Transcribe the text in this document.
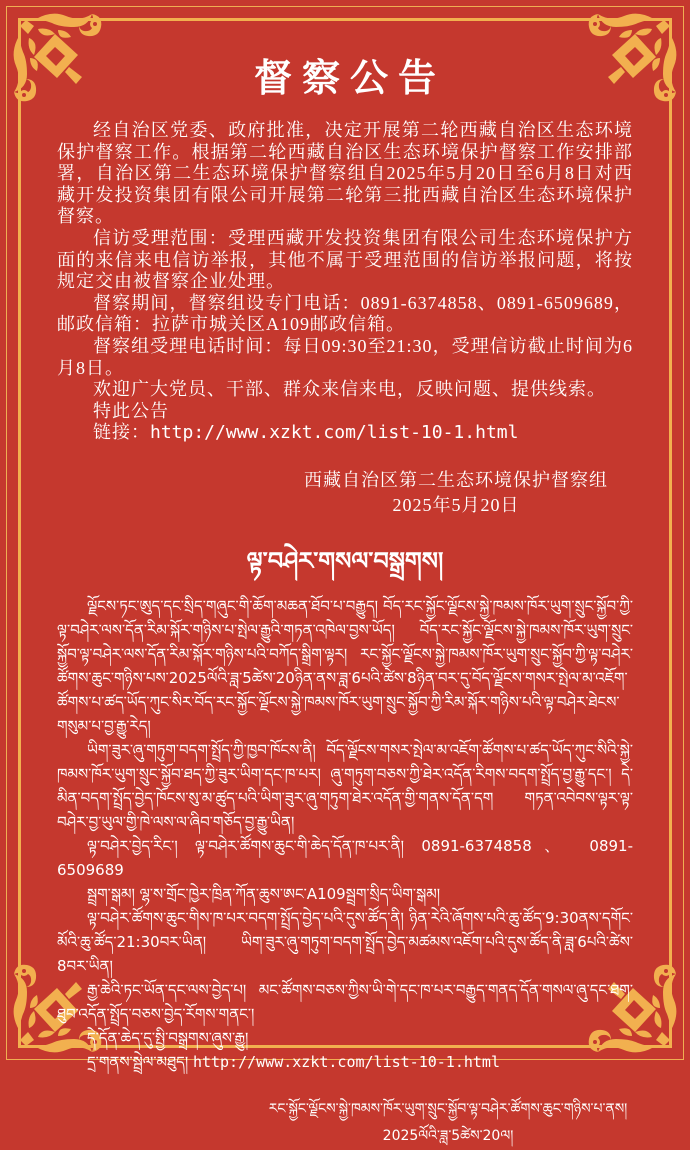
督察公告

经自治区党委、政府批准，决定开展第二轮西藏自治区生态环境保护督察工作。根据第二轮西藏自治区生态环境保护督察工作安排部署，自治区第二生态环境保护督察组自2025年5月20日至6月8日对西藏开发投资集团有限公司开展第二轮第三批西藏自治区生态环境保护督察。

信访受理范围：受理西藏开发投资集团有限公司生态环境保护方面的来信来电信访举报，其他不属于受理范围的信访举报问题，将按规定交由被督察企业处理。

督察期间，督察组设专门电话：0891-6374858、0891-6509689，邮政信箱：拉萨市城关区A109邮政信箱。

督察组受理电话时间：每日09:30至21:30，受理信访截止时间为6月8日。

欢迎广大党员、干部、群众来信来电，反映问题、提供线索。

特此公告

链接：http://www.xzkt.com/list-10-1.html

西藏自治区第二生态环境保护督察组
2025年5月20日
ལྟ་བཤེར་གསལ་བསྒྲགས།

ལྗོངས་ཏང་ཨུད་དང་སྲིད་གཞུང་གི་ཆོག་མཆན་ཐོབ་པ་བརྒྱུད། བོད་རང་སྐྱོང་ལྗོངས་སྐྱེ་ཁམས་ཁོར་ཡུག་སྲུང་སྐྱོབ་ཀྱི་ལྟ་བཤེར་ལས་དོན་རིམ་སྐོར་གཉིས་པ་སྤེལ་རྒྱུའི་གཏན་འཁེལ་བྱས་ཡོད། བོད་རང་སྐྱོང་ལྗོངས་སྐྱེ་ཁམས་ཁོར་ཡུག་སྲུང་སྐྱོབ་ལྟ་བཤེར་ལས་དོན་རིམ་སྐོར་གཉིས་པའི་བཀོད་སྒྲིག་ལྟར། རང་སྐྱོང་ལྗོངས་སྐྱེ་ཁམས་ཁོར་ཡུག་སྲུང་སྐྱོབ་ཀྱི་ལྟ་བཤེར་ཚོགས་ཆུང་གཉིས་པས་2025ལོའི་ཟླ་5ཚེས་20ཉིན་ནས་ཟླ་6པའི་ཚེས་8ཉིན་བར་དུ་བོད་ལྗོངས་གསར་སྤེལ་མ་འཇོག་ཚོགས་པ་ཚད་ཡོད་ཀུང་སིར་བོད་རང་སྐྱོང་ལྗོངས་སྐྱེ་ཁམས་ཁོར་ཡུག་སྲུང་སྐྱོབ་ཀྱི་རིམ་སྐོར་གཉིས་པའི་ལྟ་བཤེར་ཐེངས་གསུམ་པ་བྱ་རྒྱུ་རེད།

ཡིག་ཟུར་ཞུ་གཏུག་བདག་སྤྲོད་ཀྱི་ཁྱབ་ཁོངས་ནི། བོད་ལྗོངས་གསར་སྤེལ་མ་འཇོག་ཚོགས་པ་ཚད་ཡོད་ཀུང་སིའི་སྐྱེ་ཁམས་ཁོར་ཡུག་སྲུང་སྐྱོབ་ཐད་ཀྱི་ཟུར་ཡིག་དང་ཁ་པར། ཞུ་གཏུག་བཅས་ཀྱི་ཐེར་འདོན་རིགས་བདག་སྤྲོད་བྱ་རྒྱུ་དང་། དེ་མིན་བདག་སྤྲོད་བྱེད་ཁོངས་སུ་མ་ཚུད་པའི་ཡིག་ཟུར་ཞུ་གཏུག་ཐེར་འདོན་གྱི་གནས་དོན་དག གཏན་འབེབས་ལྟར་ལྟ་བཤེར་བྱ་ཡུལ་གྱི་ཁེ་ལས་ལ་ཞིབ་གཅོད་བྱ་རྒྱུ་ཡིན།

ལྟ་བཤེར་བྱེད་རིང་། ལྟ་བཤེར་ཚོགས་ཆུང་གི་ཆེད་དོན་ཁ་པར་ནི། 0891-6374858、 0891-6509689

སྦྲག་སྒམ། ལྷ་ས་གྲོང་ཁྱེར་ཁྲིན་ཀོན་ཆུས་ཨང་A109སྦྲག་སྲིད་ཡིག་སྒམ།

ལྟ་བཤེར་ཚོགས་ཆུང་གིས་ཁ་པར་བདག་སྤྲོད་བྱེད་པའི་དུས་ཚོད་ནི། ཉིན་རེའི་ཞོགས་པའི་ཆུ་ཚོད་9:30ནས་དགོང་མོའི་ཆུ་ཚོད་21:30བར་ཡིན། ཡིག་ཟུར་ཞུ་གཏུག་བདག་སྤྲོད་བྱེད་མཚམས་འཇོག་པའི་དུས་ཚོད་ནི་ཟླ་6པའི་ཚེས་8བར་ཡིན།

རྒྱ་ཆེའི་ཏང་ཡོན་དང་ལས་བྱེད་པ། མང་ཚོགས་བཅས་ཀྱིས་ཡི་གེ་དང་ཁ་པར་བརྒྱུད་གནད་དོན་གསལ་ཞུ་དང་ཐག་ཐུབ་འདོན་སྤྲོད་བཅས་བྱེད་རོགས་གནང་།

དེ་དོན་ཆེད་དུ་སྤྱི་བསྒྲགས་ཞུས་རྒྱུ།

དྲ་གནས་སྦྲེལ་མཐུད། http://www.xzkt.com/list-10-1.html

རང་སྐྱོང་ལྗོངས་སྐྱེ་ཁམས་ཁོར་ཡུག་སྲུང་སྐྱོབ་ལྟ་བཤེར་ཚོགས་ཆུང་གཉིས་པ་ནས།
2025ལོའི་ཟླ་5ཚེས་20ལ།
